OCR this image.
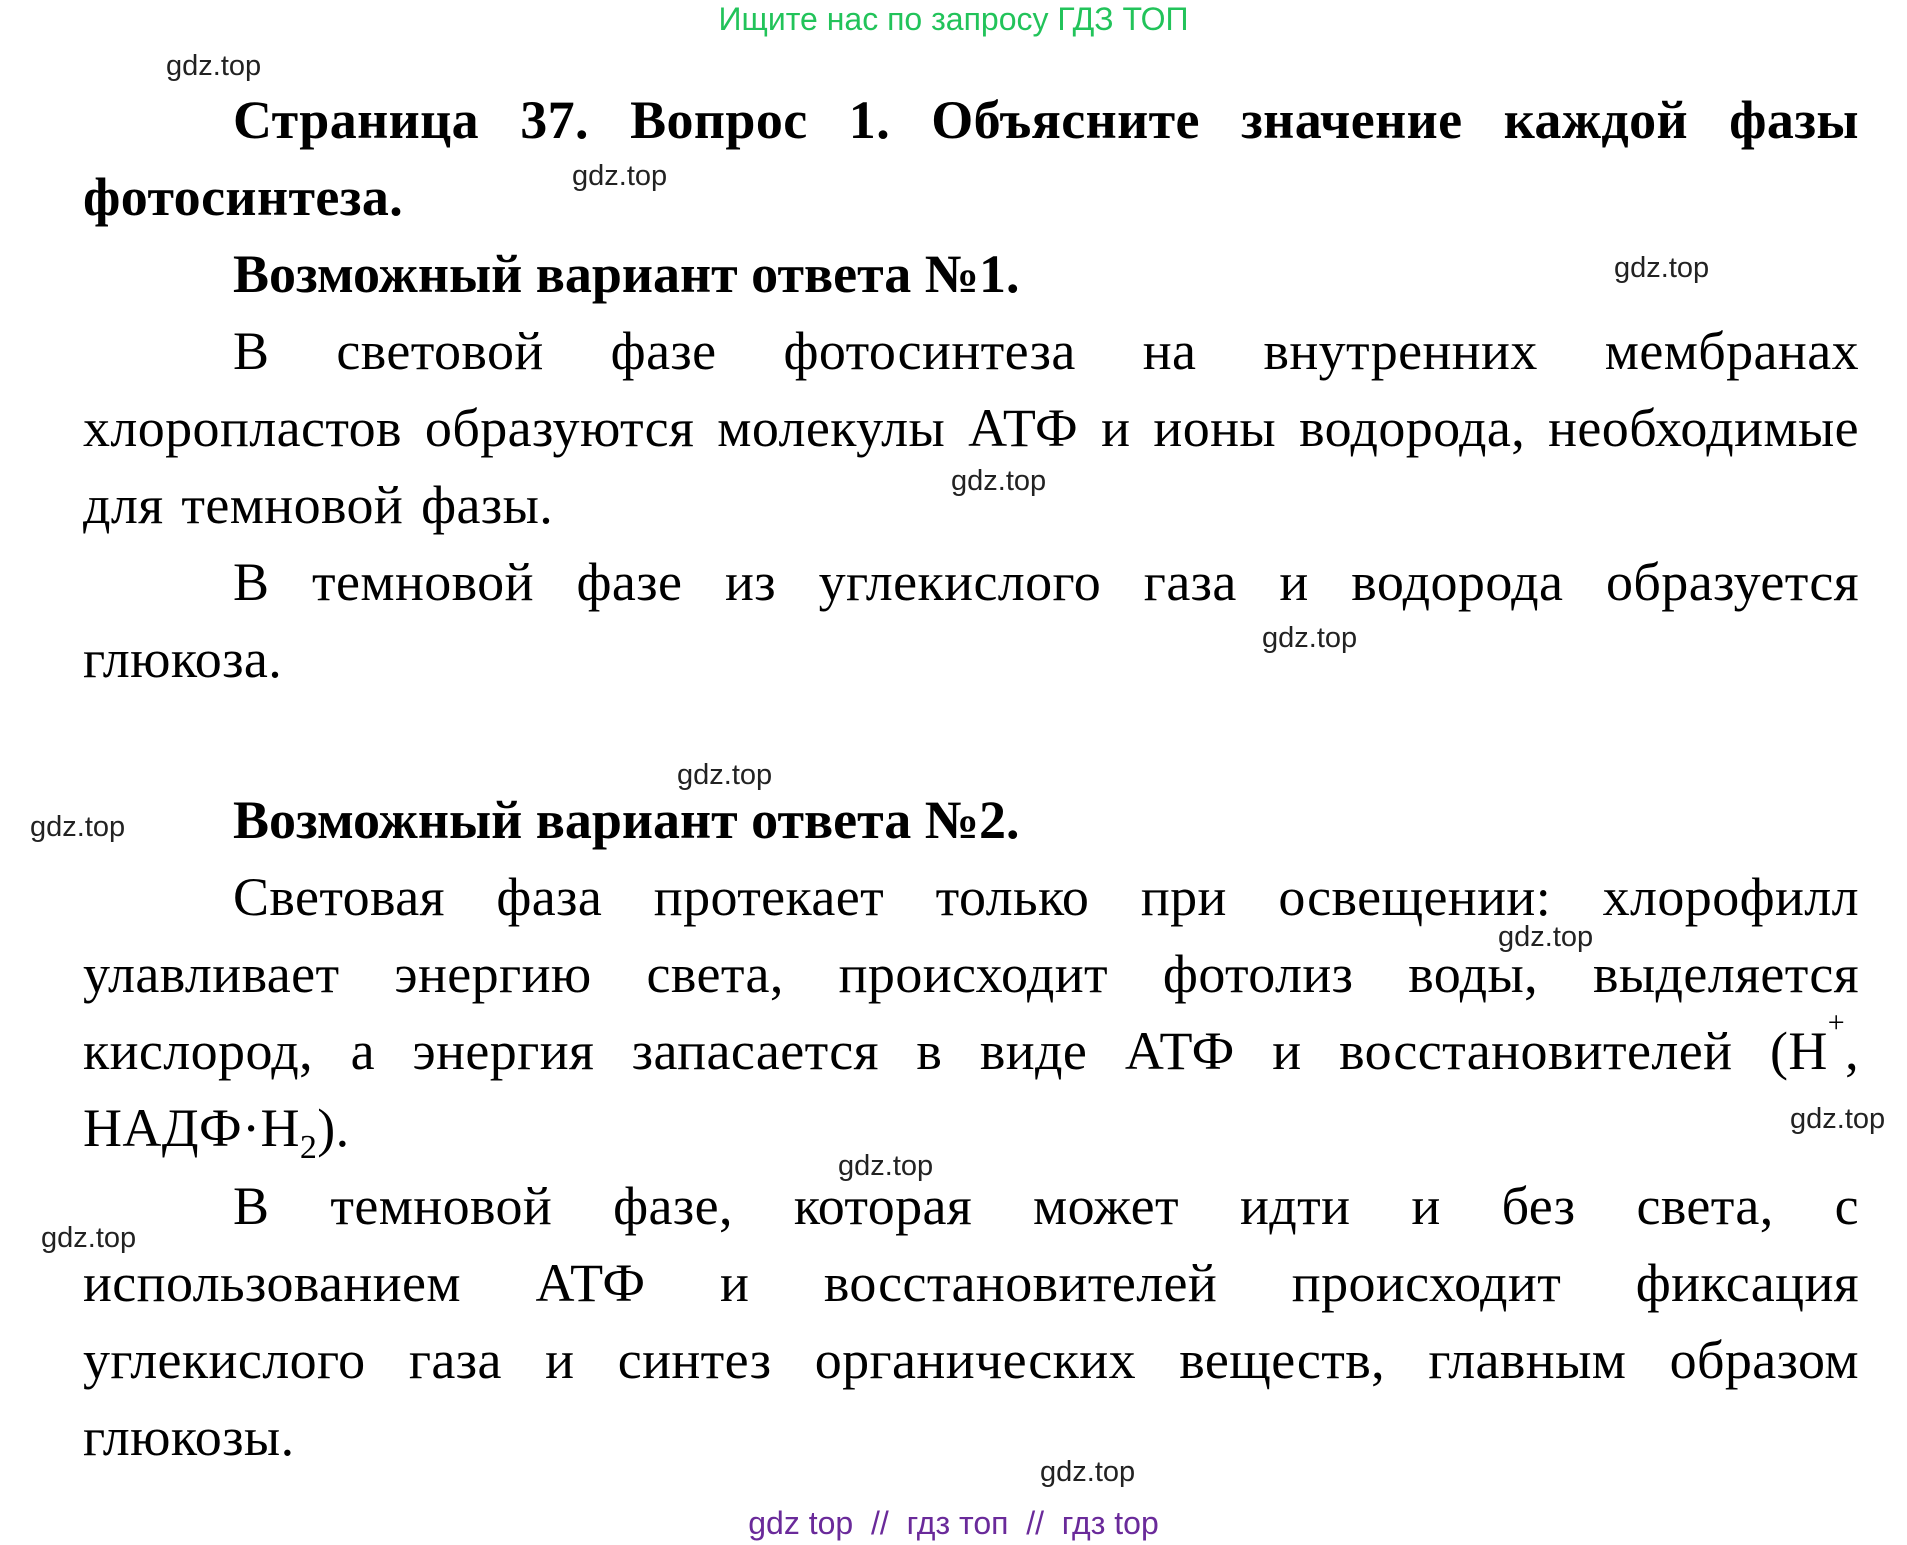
Ищите нас по запросу ГДЗ ТОП

Страница 37. Вопрос 1. Объясните значение каждой фазы фотосинтеза.

Возможный вариант ответа №1.

В световой фазе фотосинтеза на внутренних мембранах хлоропластов образуются молекулы АТФ и ионы водорода, необходимые для темновой фазы.

В темновой фазе из углекислого газа и водорода образуется глюкоза.

Возможный вариант ответа №2.

Световая фаза протекает только при освещении: хлорофилл улавливает энергию света, происходит фотолиз воды, выделяется кислород, а энергия запасается в виде АТФ и восстановителей (Н+, $НАДФ\cdot Н_2$).

В темновой фазе, которая может идти и без света, с использованием АТФ и восстановителей происходит фиксация углекислого газа и синтез органических веществ, главным образом глюкозы.

gdz.top
gdz.top
gdz.top
gdz.top
gdz.top
gdz.top
gdz.top
gdz.top
gdz.top
gdz.top
gdz.top
gdz.top
gdz top  //  гдз топ  //  гдз top
